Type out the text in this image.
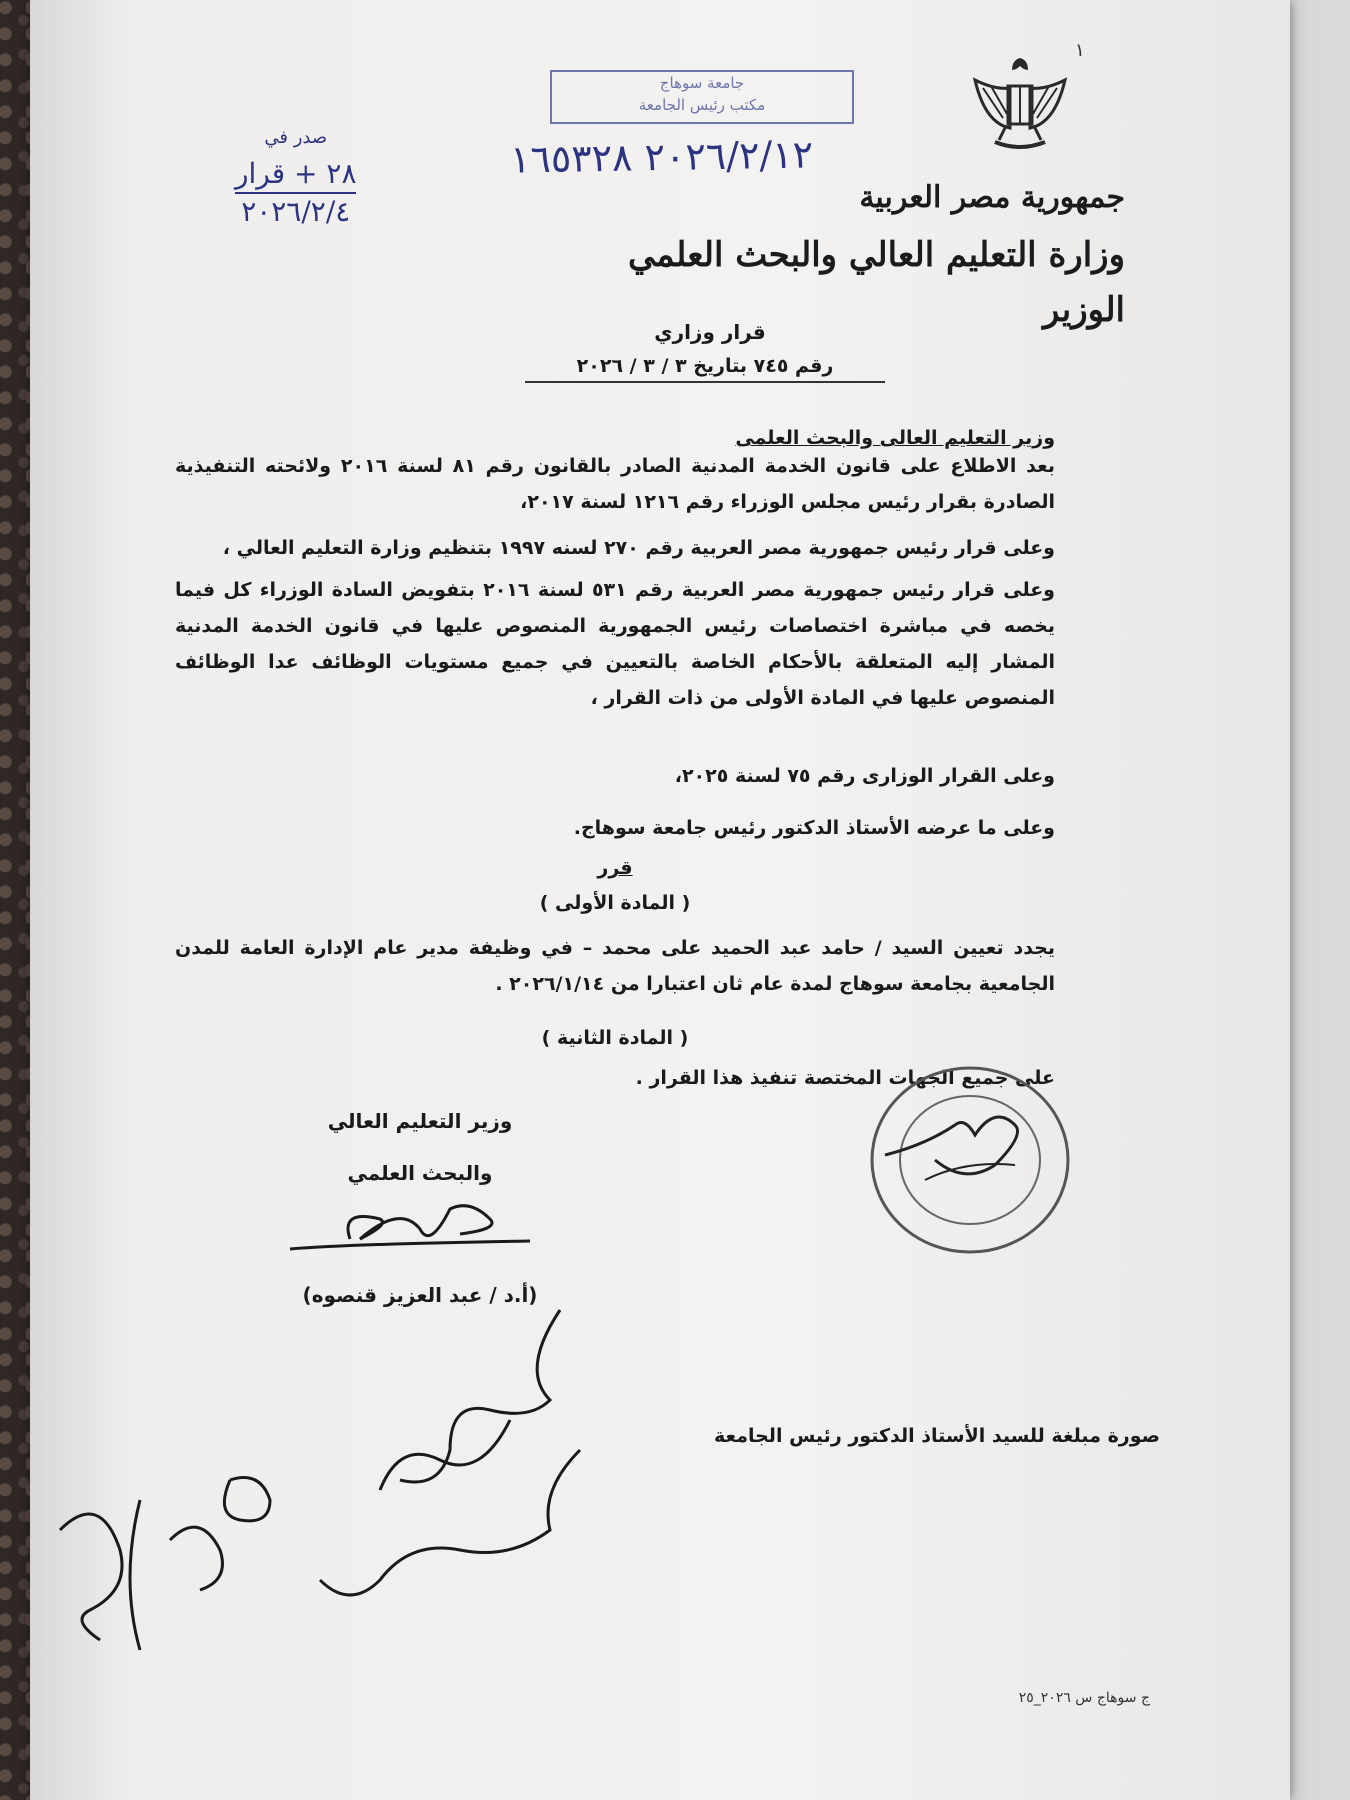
١
جامعة سوهاج
مكتب رئيس الجامعة
٢٠٢٦/٢/١٢ ١٦٥٣٢٨
صدر في
٢٨ + قرار
٢٠٢٦/٢/٤	جمهورية مصر العربية
وزارة التعليم العالي والبحث العلمي
الوزير
قرار وزاري
رقم ٧٤٥ بتاريخ ٣ / ٣ / ٢٠٢٦
وزير التعليم العالى والبحث العلمى
بعد الاطلاع على قانون الخدمة المدنية الصادر بالقانون رقم ٨١ لسنة ٢٠١٦ ولائحته التنفيذية الصادرة بقرار رئيس مجلس الوزراء رقم ١٢١٦ لسنة ٢٠١٧،
وعلى قرار رئيس جمهورية مصر العربية رقم ٢٧٠ لسنه ١٩٩٧ بتنظيم وزارة التعليم العالي ،
وعلى قرار رئيس جمهورية مصر العربية رقم ٥٣١ لسنة ٢٠١٦ بتفويض السادة الوزراء كل فيما يخصه في مباشرة اختصاصات رئيس الجمهورية المنصوص عليها في قانون الخدمة المدنية المشار إليه المتعلقة بالأحكام الخاصة بالتعيين في جميع مستويات الوظائف عدا الوظائف المنصوص عليها في المادة الأولى من ذات القرار ،
وعلى القرار الوزارى رقم ٧٥ لسنة ٢٠٢٥،
وعلى ما عرضه الأستاذ الدكتور رئيس جامعة سوهاج.
قرر
( المادة الأولى )
يجدد تعيين السيد / حامد عبد الحميد على محمد – في وظيفة مدير عام الإدارة العامة للمدن الجامعية بجامعة سوهاج لمدة عام ثان اعتبارا من ٢٠٢٦/١/١٤ .
( المادة الثانية )
على جميع الجهات المختصة تنفيذ هذا القرار .
وزير التعليم العالي
والبحث العلمي
(أ.د / عبد العزيز قنصوه)
صورة مبلغة للسيد الأستاذ الدكتور رئيس الجامعة
ج سوهاج س ٢٠٢٦_٢٥
